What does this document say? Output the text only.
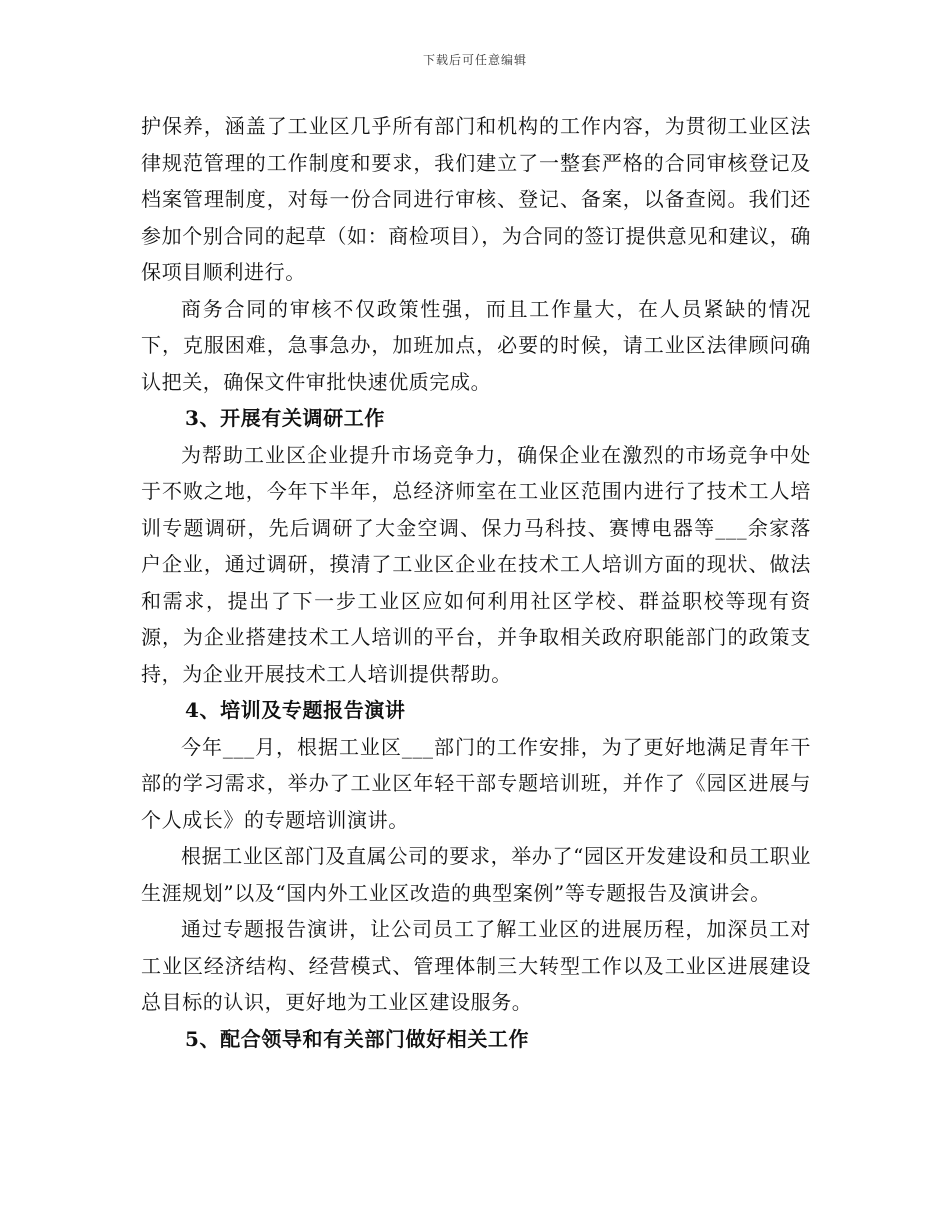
下载后可任意编辑

护保养，涵盖了工业区几乎所有部门和机构的工作内容，为贯彻工业区法律规范管理的工作制度和要求，我们建立了一整套严格的合同审核登记及档案管理制度，对每一份合同进行审核、登记、备案，以备查阅。我们还参加个别合同的起草（如：商检项目），为合同的签订提供意见和建议，确保项目顺利进行。

商务合同的审核不仅政策性强，而且工作量大，在人员紧缺的情况下，克服困难，急事急办，加班加点，必要的时候，请工业区法律顾问确认把关，确保文件审批快速优质完成。

3、开展有关调研工作

为帮助工业区企业提升市场竞争力，确保企业在激烈的市场竞争中处于不败之地，今年下半年，总经济师室在工业区范围内进行了技术工人培训专题调研，先后调研了大金空调、保力马科技、赛博电器等___余家落户企业，通过调研，摸清了工业区企业在技术工人培训方面的现状、做法和需求，提出了下一步工业区应如何利用社区学校、群益职校等现有资源，为企业搭建技术工人培训的平台，并争取相关政府职能部门的政策支持，为企业开展技术工人培训提供帮助。

4、培训及专题报告演讲

今年___月，根据工业区___部门的工作安排，为了更好地满足青年干部的学习需求，举办了工业区年轻干部专题培训班，并作了《园区进展与个人成长》的专题培训演讲。

根据工业区部门及直属公司的要求，举办了“园区开发建设和员工职业生涯规划”以及“国内外工业区改造的典型案例”等专题报告及演讲会。

通过专题报告演讲，让公司员工了解工业区的进展历程，加深员工对工业区经济结构、经营模式、管理体制三大转型工作以及工业区进展建设总目标的认识，更好地为工业区建设服务。

5、配合领导和有关部门做好相关工作
